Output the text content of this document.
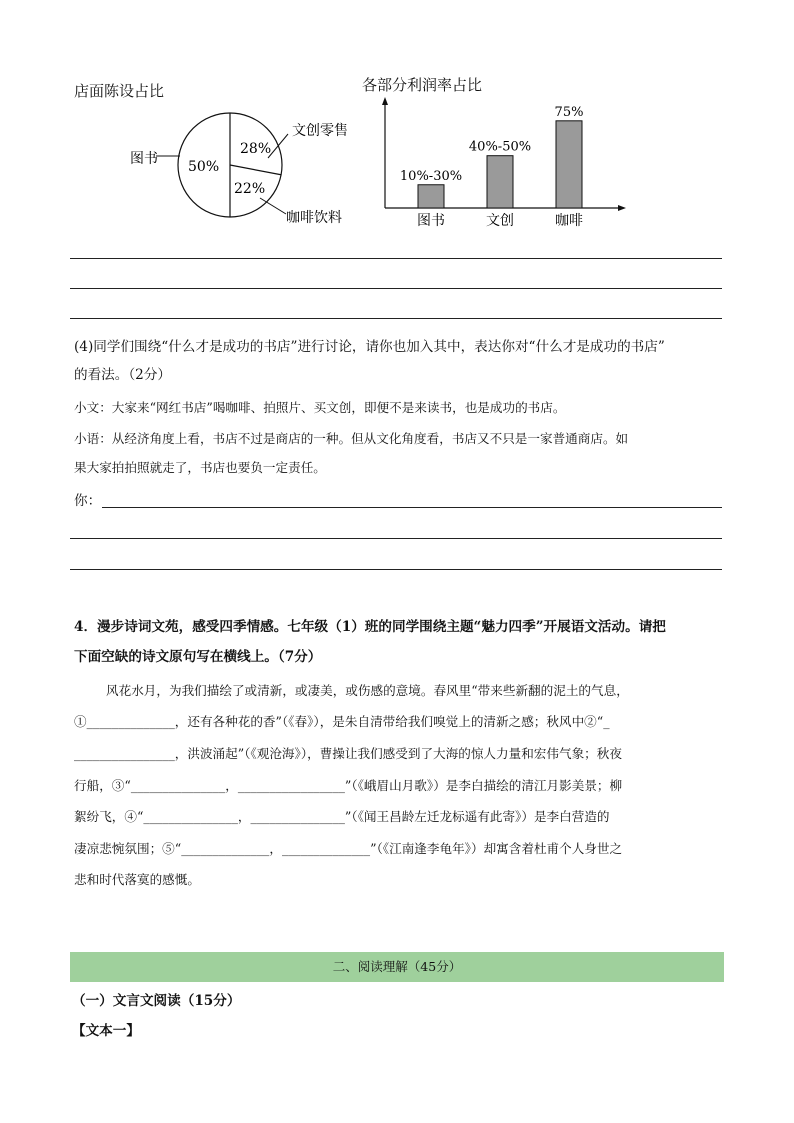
店面陈设占比
图书 50%
28%
22%
文创零售
咖啡饮料
各部分利润率占比
10%-30%
图书
40%-50%
文创
75%
咖啡
(4)同学们围绕“什么才是成功的书店”进行讨论，请你也加入其中，表达你对“什么才是成功的书店”
的看法。（2分）
小文：大家来“网红书店”喝咖啡、拍照片、买文创，即便不是来读书，也是成功的书店。
小语：从经济角度上看，书店不过是商店的一种。但从文化角度看，书店又不只是一家普通商店。如
果大家拍拍照就走了，书店也要负一定责任。
你：
4．漫步诗词文苑，感受四季情感。七年级（1）班的同学围绕主题“魅力四季”开展语文活动。请把
下面空缺的诗文原句写在横线上。（7分）
风花水月，为我们描绘了或清新，或凄美，或伤感的意境。春风里“带来些新翻的泥土的气息，
①______________，还有各种花的香”（《春》），是朱自清带给我们嗅觉上的清新之感；秋风中②“_
________________，洪波涌起”（《观沧海》），曹操让我们感受到了大海的惊人力量和宏伟气象；秋夜
行船，③“_______________，_________________”（《峨眉山月歌》）是李白描绘的清江月影美景；柳
絮纷飞，④“_______________，_______________”（《闻王昌龄左迁龙标遥有此寄》）是李白营造的
凄凉悲惋氛围；⑤“______________，______________”（《江南逢李龟年》）却寓含着杜甫个人身世之
悲和时代落寞的感慨。
二、阅读理解（45分）
（一）文言文阅读（15分）
【文本一】
